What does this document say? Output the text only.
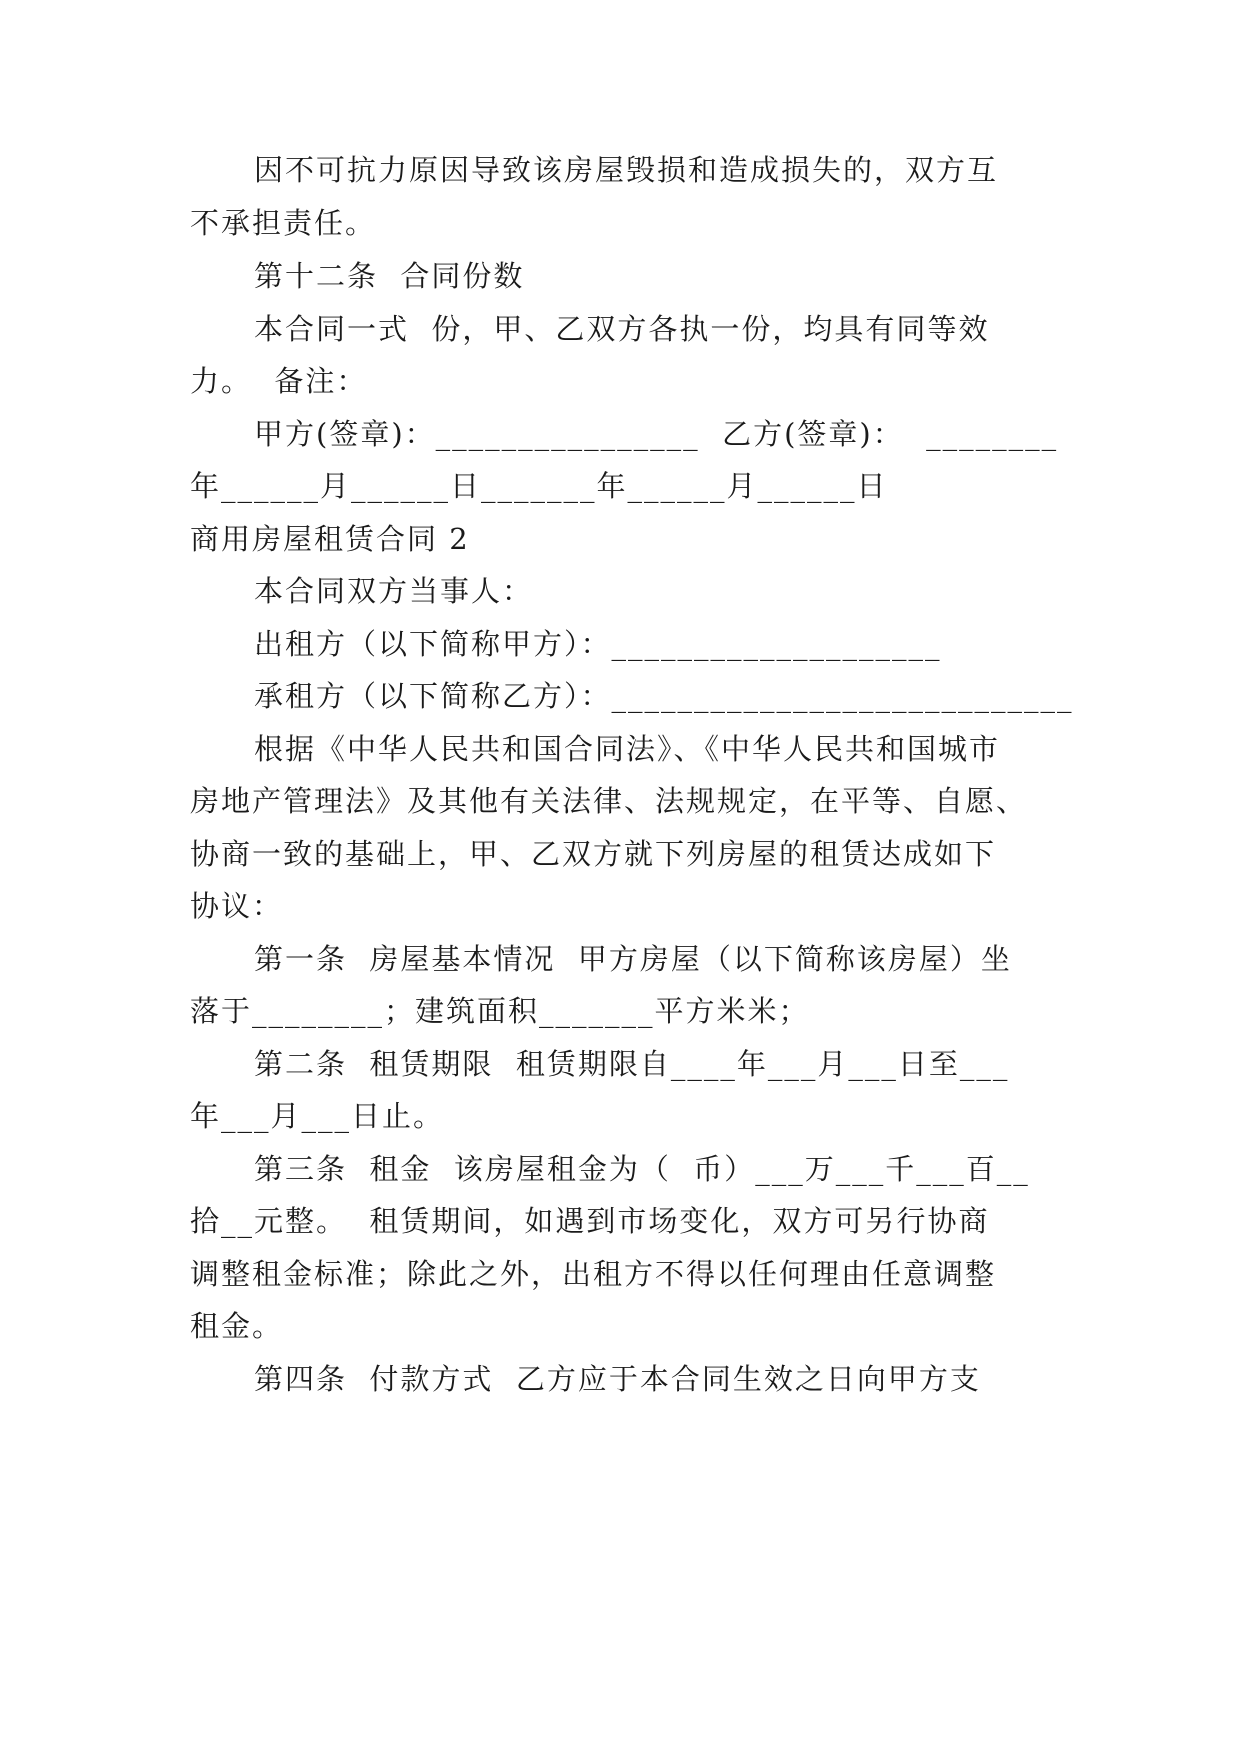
因不可抗力原因导致该房屋毁损和造成损失的，双方互
不承担责任。
第十二条  合同份数
本合同一式  份，甲、乙双方各执一份，均具有同等效
力。  备注：
甲方(签章)：________________  乙方(签章)：  ________
年______月______日_______年______月______日
商用房屋租赁合同 2
本合同双方当事人：
出租方（以下简称甲方）：____________________
承租方（以下简称乙方）：____________________________
根据《中华人民共和国合同法》、《中华人民共和国城市
房地产管理法》及其他有关法律、法规规定，在平等、自愿、
协商一致的基础上，甲、乙双方就下列房屋的租赁达成如下
协议：
第一条  房屋基本情况  甲方房屋（以下简称该房屋）坐
落于________；建筑面积_______平方米米；
第二条  租赁期限  租赁期限自____年___月___日至___
年___月___日止。
第三条  租金  该房屋租金为（  币）___万___千___百__
拾__元整。  租赁期间，如遇到市场变化，双方可另行协商
调整租金标准；除此之外，出租方不得以任何理由任意调整
租金。
第四条  付款方式  乙方应于本合同生效之日向甲方支
